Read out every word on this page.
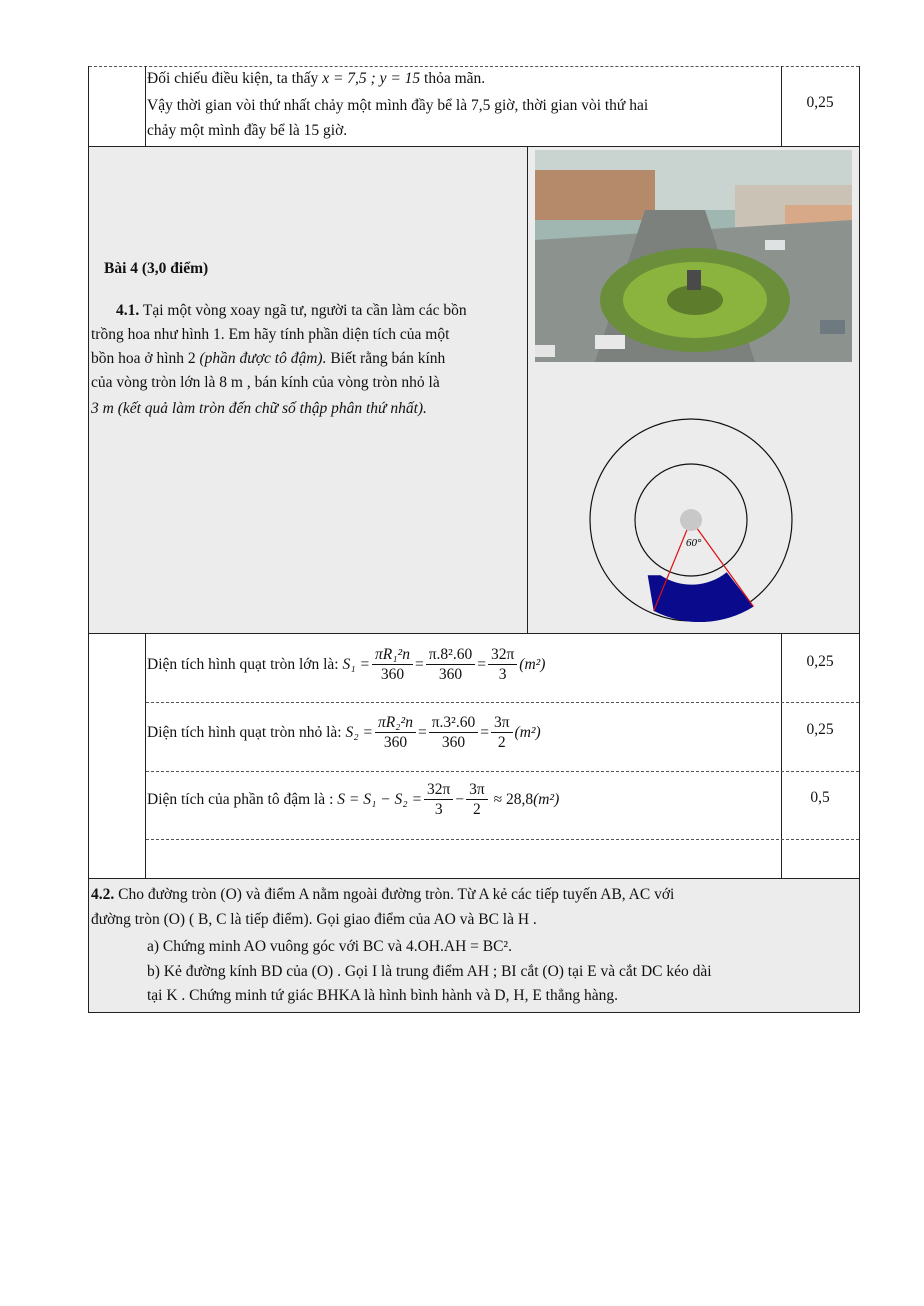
Đối chiếu điều kiện, ta thấy x = 7,5 ; y = 15 thỏa mãn.
Vậy thời gian vòi thứ nhất chảy một mình đầy bể là 7,5 giờ, thời gian vòi thứ hai
chảy một mình đầy bể là 15 giờ.
0,25
Bài 4 (3,0 điểm)
4.1. Tại một vòng xoay ngã tư, người ta cần làm các bồn
trồng hoa như hình 1. Em hãy tính phần diện tích của một
bồn hoa ở hình 2 (phần được tô đậm). Biết rằng bán kính
của vòng tròn lớn là 8 m , bán kính của vòng tròn nhỏ là
3 m (kết quả làm tròn đến chữ số thập phân thứ nhất).
60°
Diện tích hình quạt tròn lớn là:
$S_1 = \frac{\text{πR₁²n}}{360} = \frac{\text{π.8².60}}{360} = \frac{32\pi}{3} (m^2)$	0,25
Diện tích hình quạt tròn nhỏ là:
$S_2 = \frac{\text{πR₂²n}}{360} = \frac{\text{π.3².60}}{360} = \frac{3\pi}{2} (m^2)$	0,25
Diện tích của phần tô đậm là :
$S = S_1 - S_2 = \frac{32\pi}{3} - \frac{3\pi}{2}$
≈ 28,8 (m²)	0,5
4.2. Cho đường tròn (O) và điểm A nằm ngoài đường tròn. Từ A kẻ các tiếp tuyến AB, AC với
đường tròn (O) ( B, C là tiếp điểm). Gọi giao điểm của AO và BC là H .
a) Chứng minh AO vuông góc với BC và 4.OH.AH = BC².
b) Kẻ đường kính BD của (O) . Gọi I là trung điểm AH ; BI cắt (O) tại E và cắt DC kéo dài
tại K . Chứng minh tứ giác BHKA là hình bình hành và D, H, E thẳng hàng.
